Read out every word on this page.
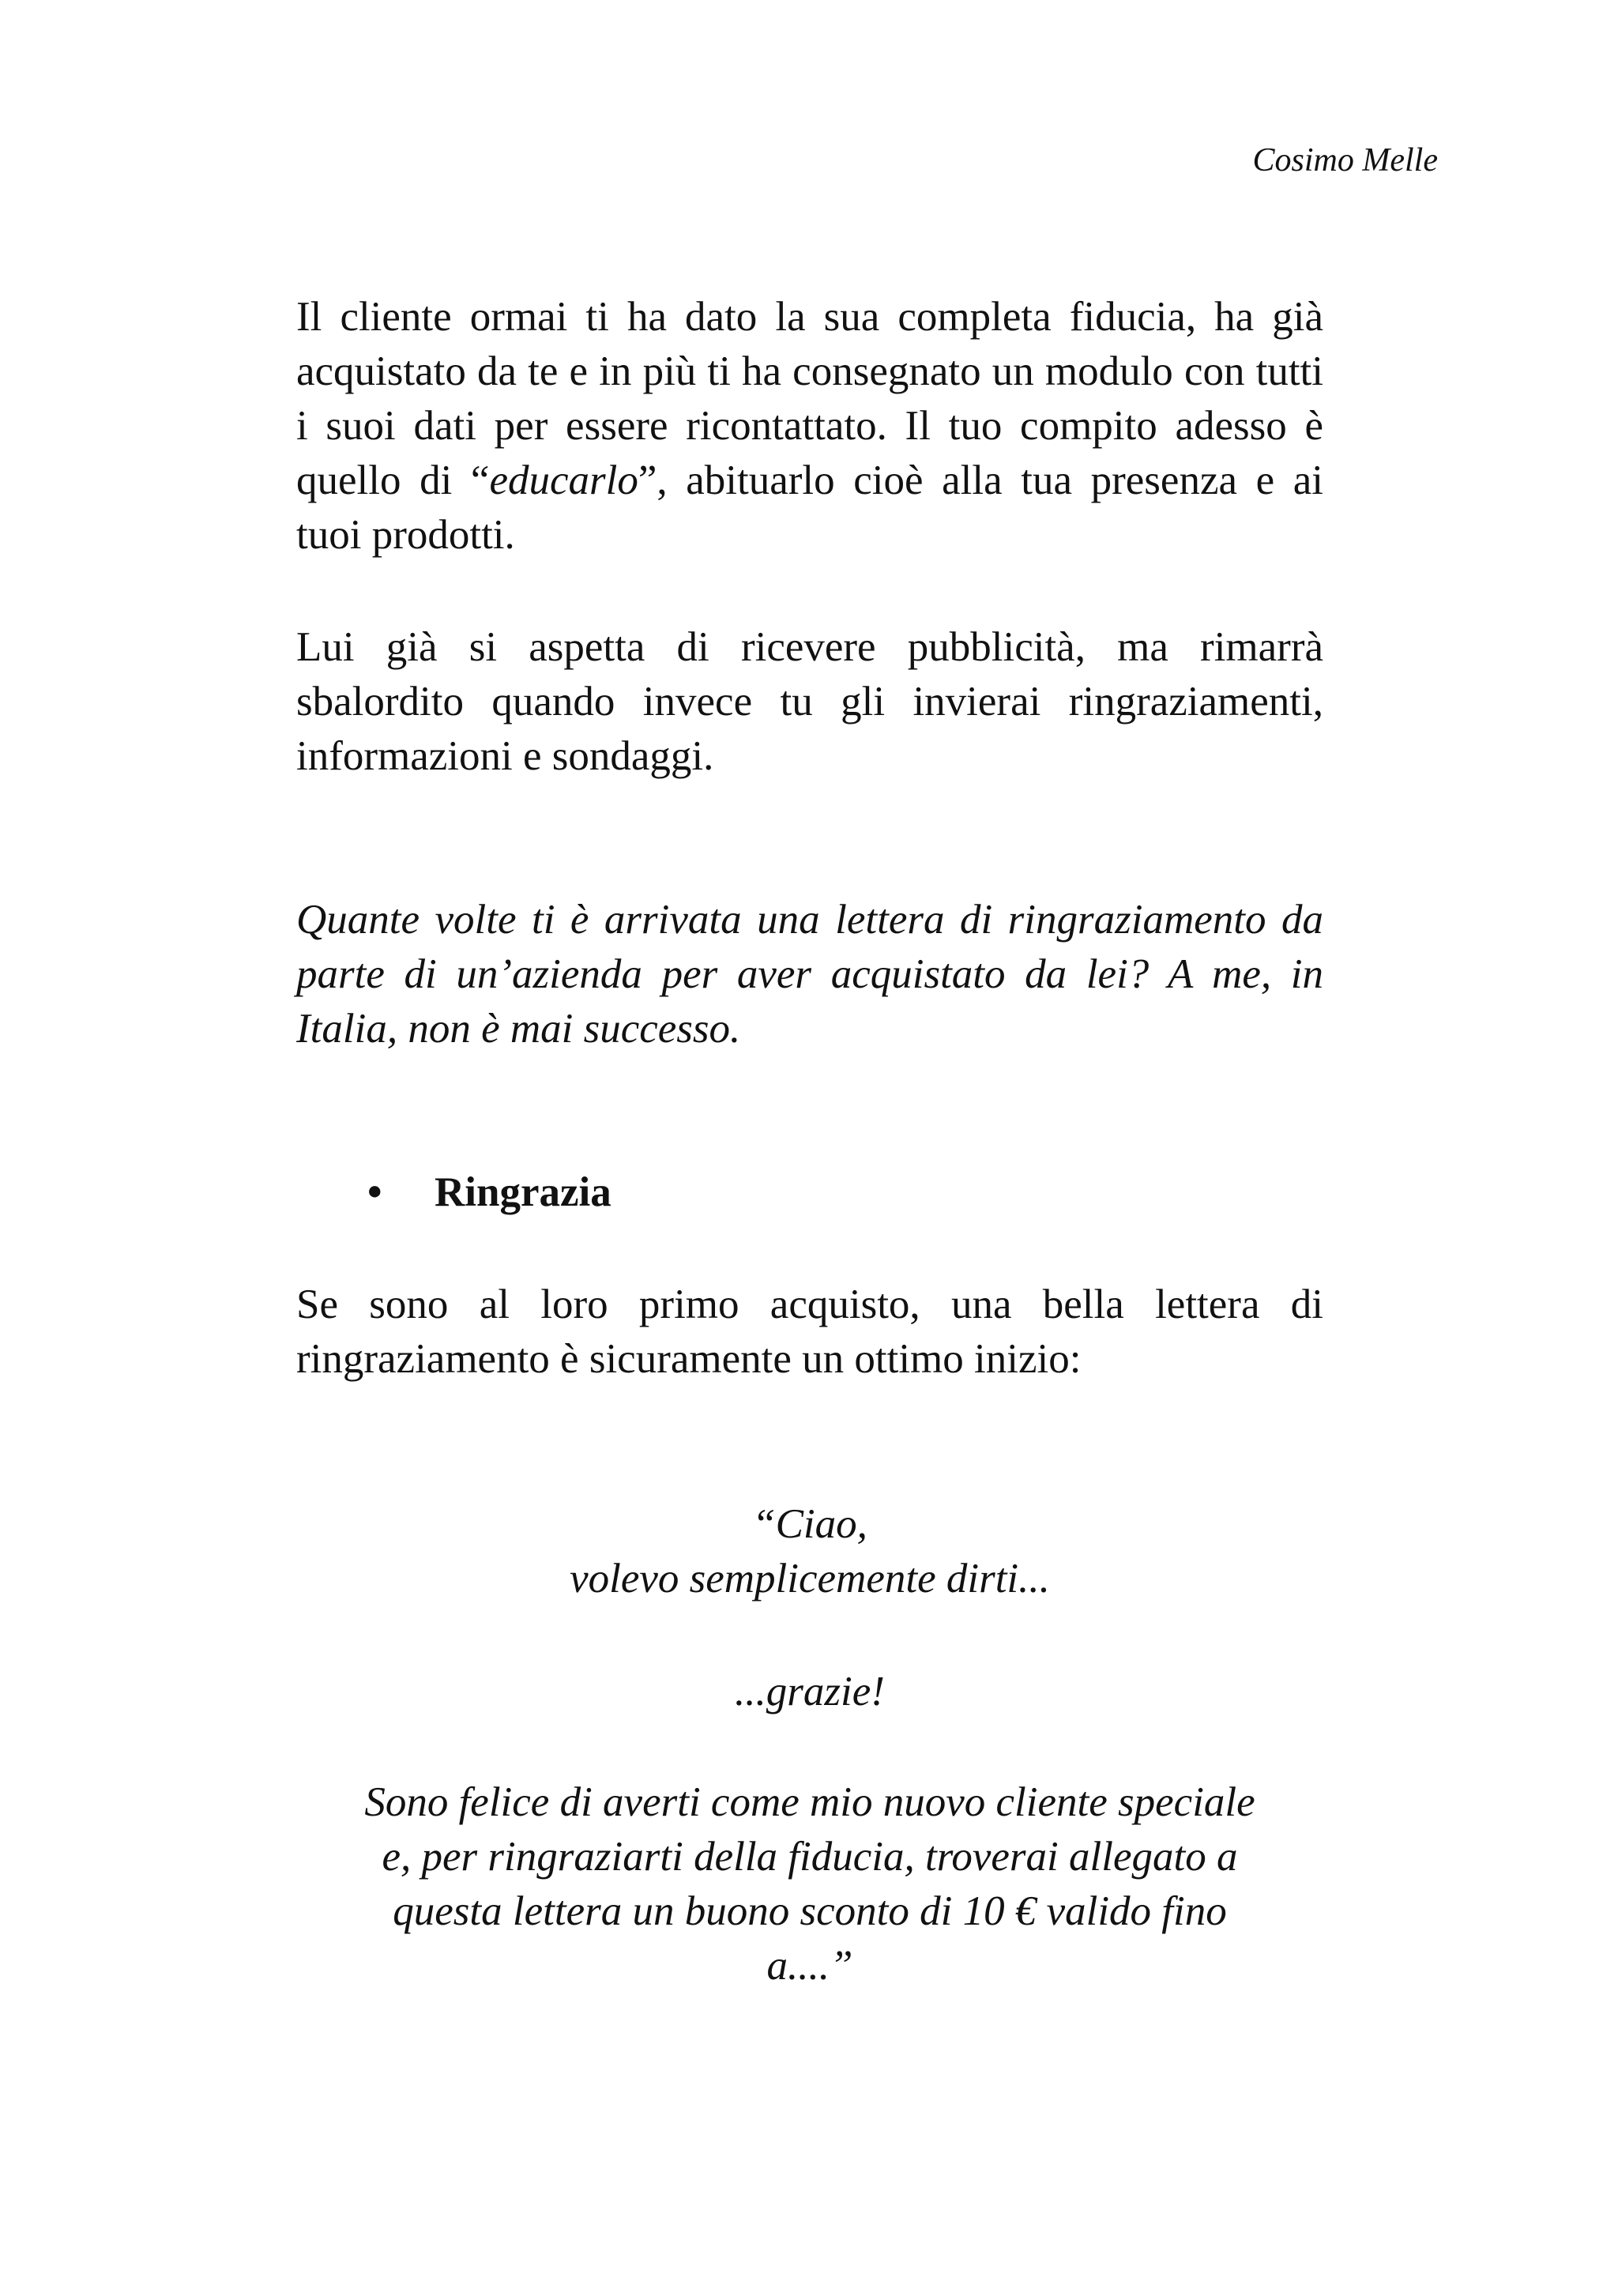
Cosimo Melle

Il cliente ormai ti ha dato la sua completa fiducia, ha già acquistato da te e in più ti ha consegnato un modulo con tutti i suoi dati per essere ricontattato. Il tuo compito adesso è quello di “educarlo”, abituarlo cioè alla tua presenza e ai tuoi prodotti.

Lui già si aspetta di ricevere pubblicità, ma rimarrà sbalordito quando invece tu gli invierai ringraziamenti, informazioni e sondaggi.

Quante volte ti è arrivata una lettera di ringraziamento da parte di un’azienda per aver acquistato da lei? A me, in Italia, non è mai successo.

• Ringrazia

Se sono al loro primo acquisto, una bella lettera di ringraziamento è sicuramente un ottimo inizio:

“Ciao,
volevo semplicemente dirti...
...grazie!
Sono felice di averti come mio nuovo cliente speciale
e, per ringraziarti della fiducia, troverai allegato a
questa lettera un buono sconto di 10 € valido fino
a....”
